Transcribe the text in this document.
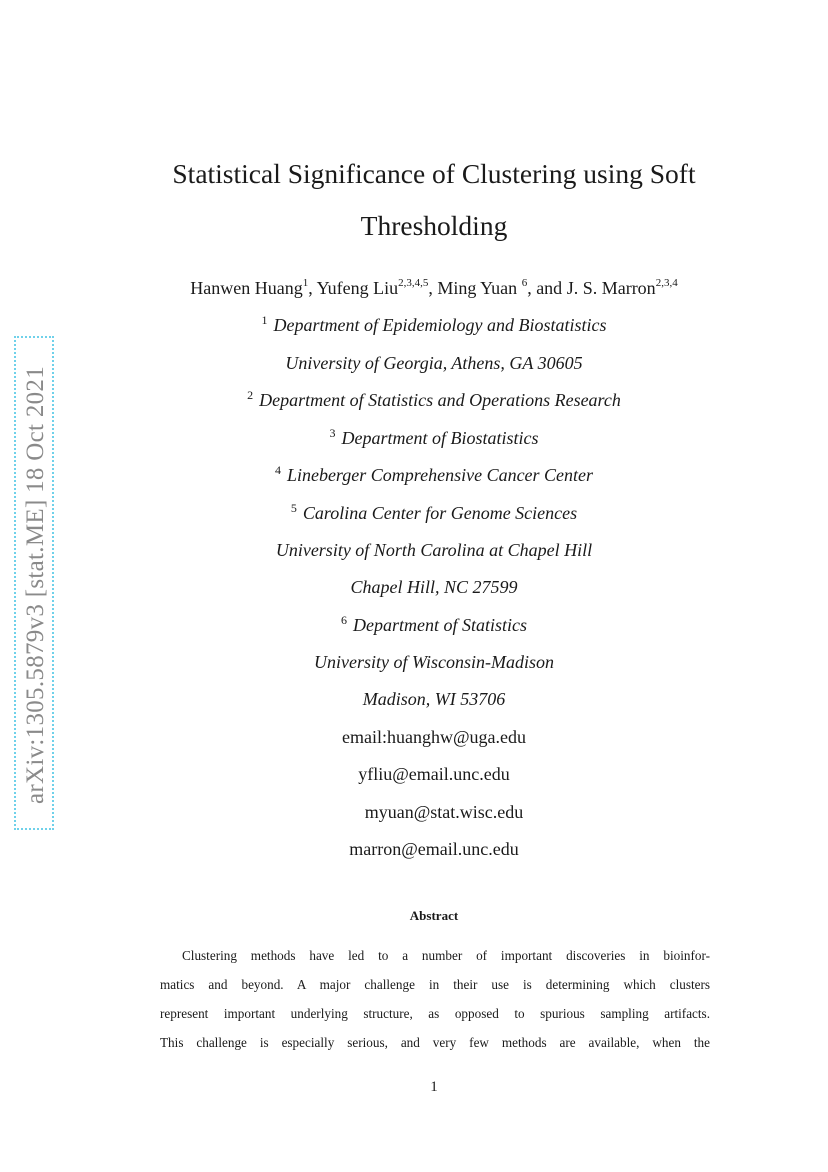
arXiv:1305.5879v3 [stat.ME] 18 Oct 2021
Statistical Significance of Clustering using Soft
Thresholding
Hanwen Huang$^1$, Yufeng Liu$^{2,3,4,5}$, Ming Yuan $^6$, and J. S. Marron$^{2,3,4}$
$^1$ Department of Epidemiology and Biostatistics
University of Georgia, Athens, GA 30605
$^2$ Department of Statistics and Operations Research
$^3$ Department of Biostatistics
$^4$ Lineberger Comprehensive Cancer Center
$^5$ Carolina Center for Genome Sciences
University of North Carolina at Chapel Hill
Chapel Hill, NC 27599
$^6$ Department of Statistics
University of Wisconsin-Madison
Madison, WI 53706
email:huanghw@uga.edu
yfliu@email.unc.edu
myuan@stat.wisc.edu
marron@email.unc.edu
Abstract
Clustering methods have led to a number of important discoveries in bioinfor-
matics and beyond. A major challenge in their use is determining which clusters
represent important underlying structure, as opposed to spurious sampling artifacts.
This challenge is especially serious, and very few methods are available, when the
1
